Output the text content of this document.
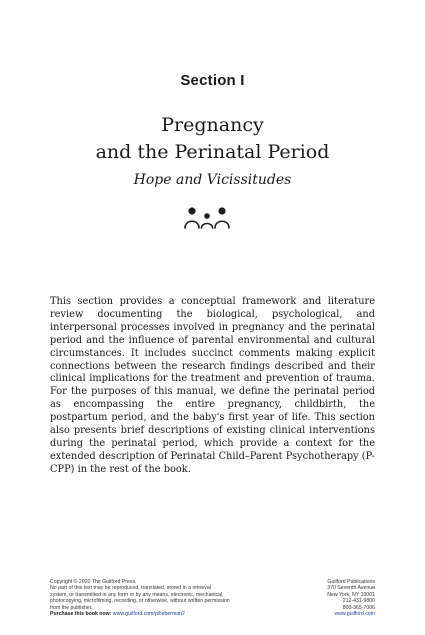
Section I
Pregnancy
and the Perinatal Period
Hope and Vicissitudes

This section provides a conceptual framework and literature review documenting the biological, psychological, and interpersonal processes involved in pregnancy and the perinatal period and the influence of parental environmental and cultural circumstances. It includes succinct comments making explicit connections between the research findings described and their clinical implications for the treatment and prevention of trauma. For the purposes of this manual, we define the perinatal period as encompassing the entire pregnancy, childbirth, the postpartum period, and the baby's first year of life. This section also presents brief descriptions of existing clinical interventions during the perinatal period, which provide a context for the extended description of Perinatal Child–Parent Psychotherapy (P-CPP) in the rest of the book.

Copyright © 2020 The Guilford Press.
No part of this text may be reproduced, translated, stored in a retrieval
system, or transmitted in any form or by any means, electronic, mechanical,
photocopying, microfilming, recording, or otherwise, without written permission
from the publisher.
Purchase this book now: www.guilford.com/p/lieberman2
Guilford Publications
370 Seventh Avenue
New York, NY 10001
212-431-9800
800-365-7006
www.guilford.com
